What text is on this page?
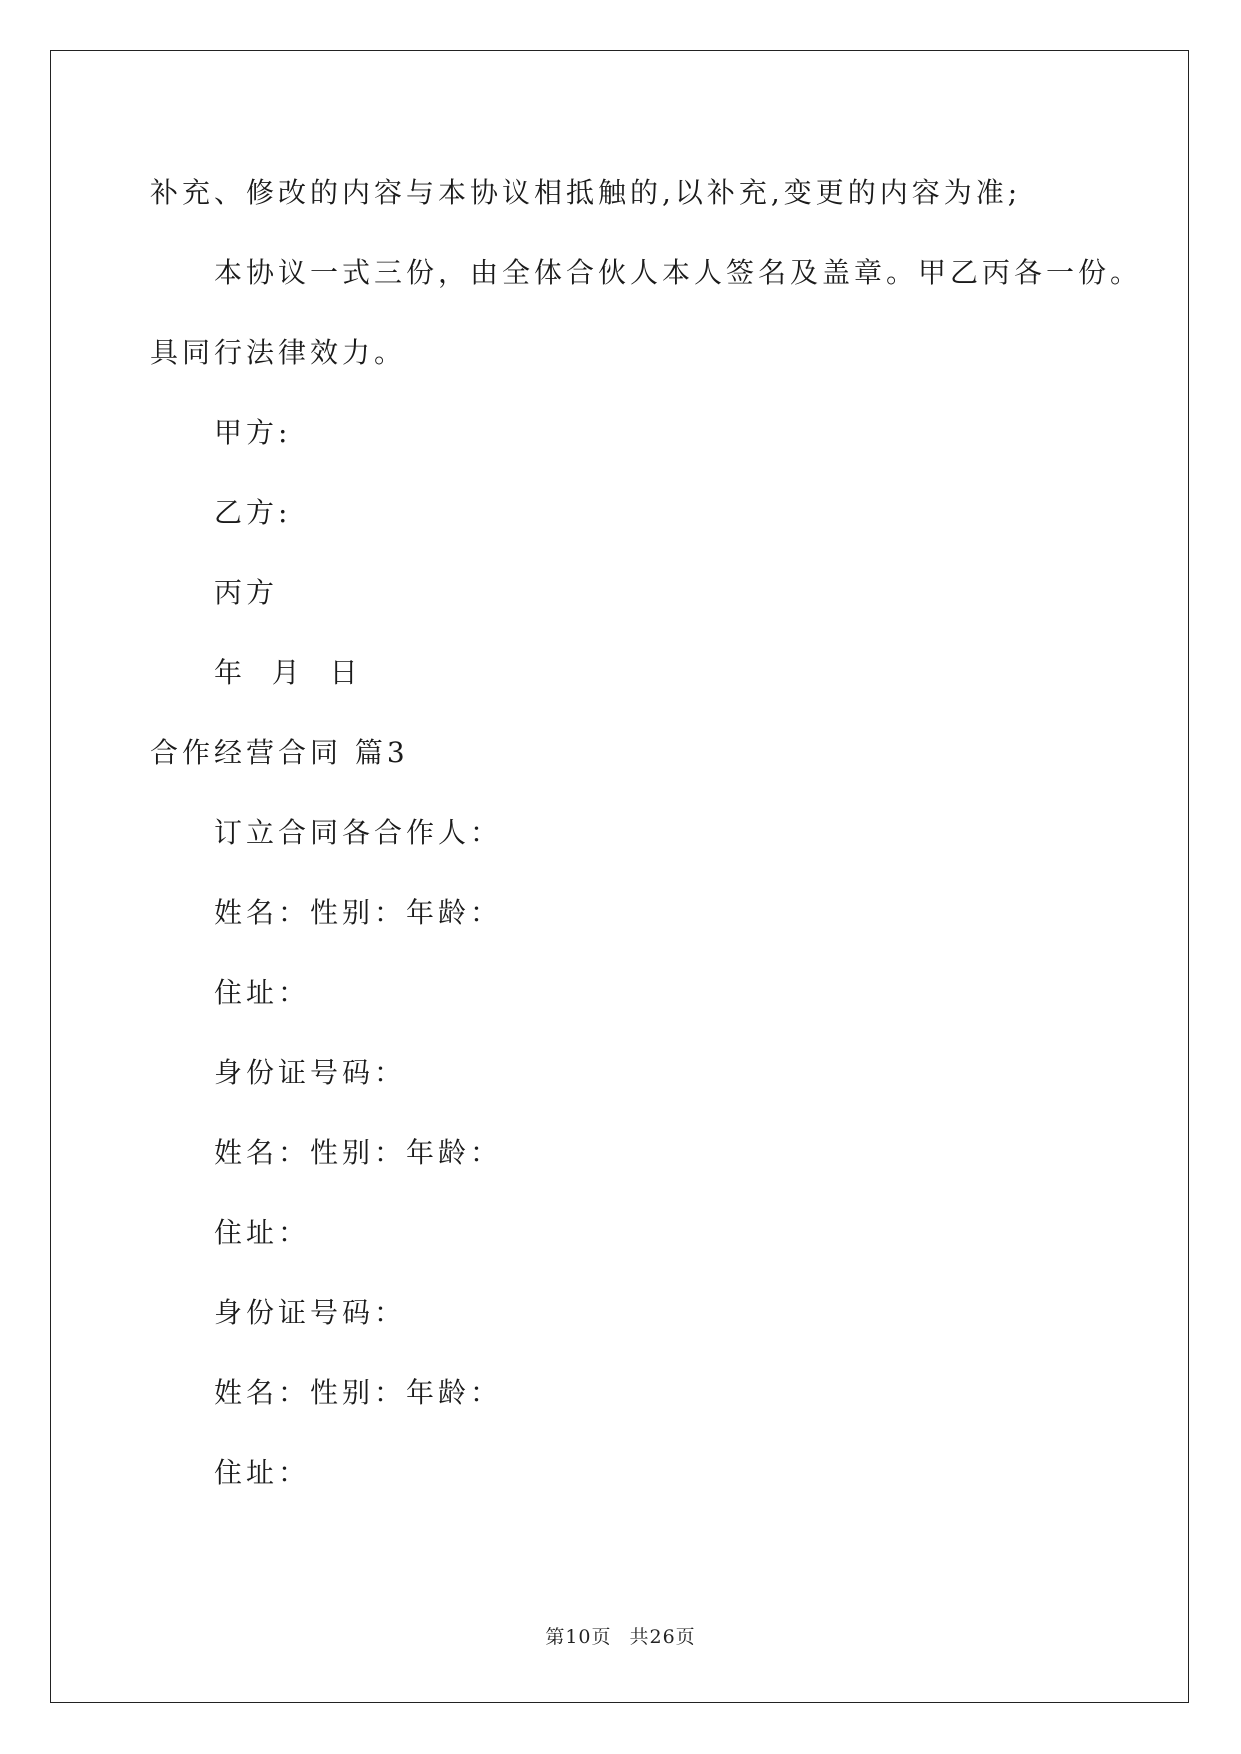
补充、修改的内容与本协议相抵触的,以补充,变更的内容为准;
本协议一式三份，由全体合伙人本人签名及盖章。甲乙丙各一份。
具同行法律效力。
甲方:
乙方:
丙方
年  月  日
合作经营合同 篇3
订立合同各合作人：
姓名：性别：年龄：
住址：
身份证号码：
姓名：性别：年龄：
住址：
身份证号码：
姓名：性别：年龄：
住址：
第10页 共26页
